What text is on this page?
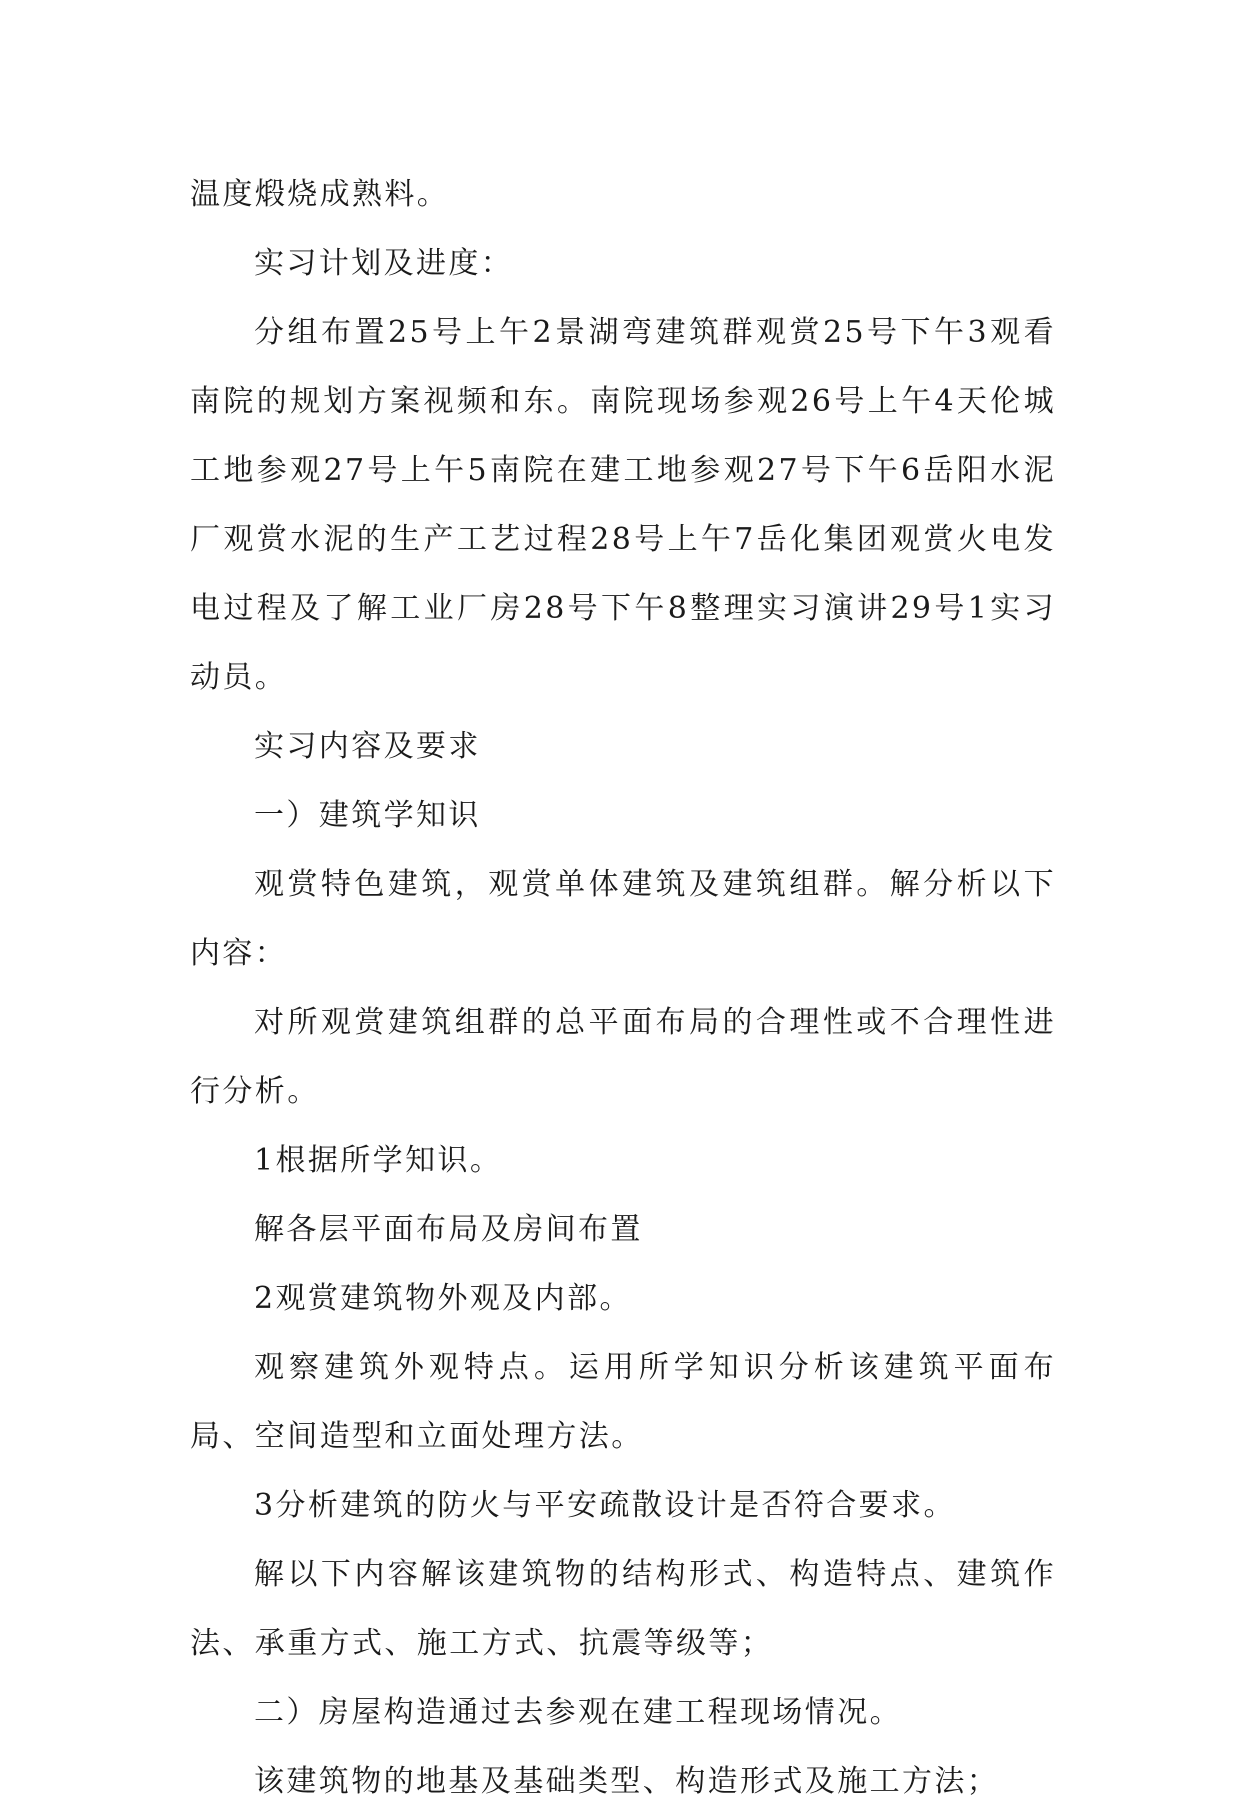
温度煅烧成熟料。

实习计划及进度：

分组布置25号上午2景湖弯建筑群观赏25号下午3观看南院的规划方案视频和东。南院现场参观26号上午4天伦城工地参观27号上午5南院在建工地参观27号下午6岳阳水泥厂观赏水泥的生产工艺过程28号上午7岳化集团观赏火电发电过程及了解工业厂房28号下午8整理实习演讲29号1实习动员。

实习内容及要求

一）建筑学知识

观赏特色建筑，观赏单体建筑及建筑组群。解分析以下内容：

对所观赏建筑组群的总平面布局的合理性或不合理性进行分析。

1根据所学知识。

解各层平面布局及房间布置

2观赏建筑物外观及内部。

观察建筑外观特点。运用所学知识分析该建筑平面布局、空间造型和立面处理方法。

3分析建筑的防火与平安疏散设计是否符合要求。

解以下内容解该建筑物的结构形式、构造特点、建筑作法、承重方式、施工方式、抗震等级等；

二）房屋构造通过去参观在建工程现场情况。

该建筑物的地基及基础类型、构造形式及施工方法；
